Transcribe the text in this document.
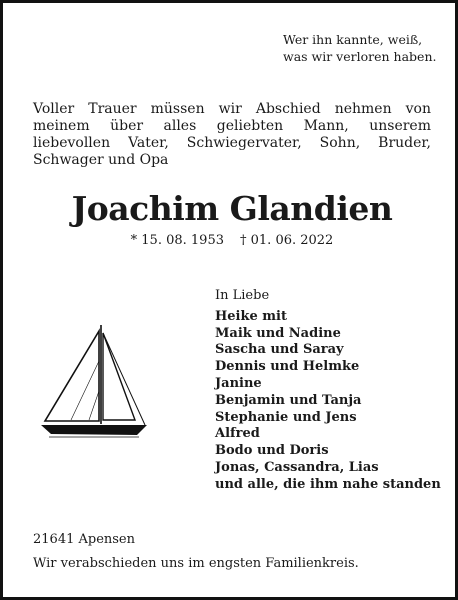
Wer ihn kannte, weiß,
was wir verloren haben.
Voller Trauer müssen wir Abschied nehmen von meinem über alles geliebten Mann, unserem liebevollen Vater, Schwiegervater, Sohn, Bruder, Schwager und Opa
Joachim Glandien
* 15. 08. 1953 † 01. 06. 2022
In Liebe
Heike mit
Maik und Nadine
Sascha und Saray
Dennis und Helmke
Janine
Benjamin und Tanja
Stephanie und Jens
Alfred
Bodo und Doris
Jonas, Cassandra, Lias
und alle, die ihm nahe standen
21641 Apensen
Wir verabschieden uns im engsten Familienkreis.
